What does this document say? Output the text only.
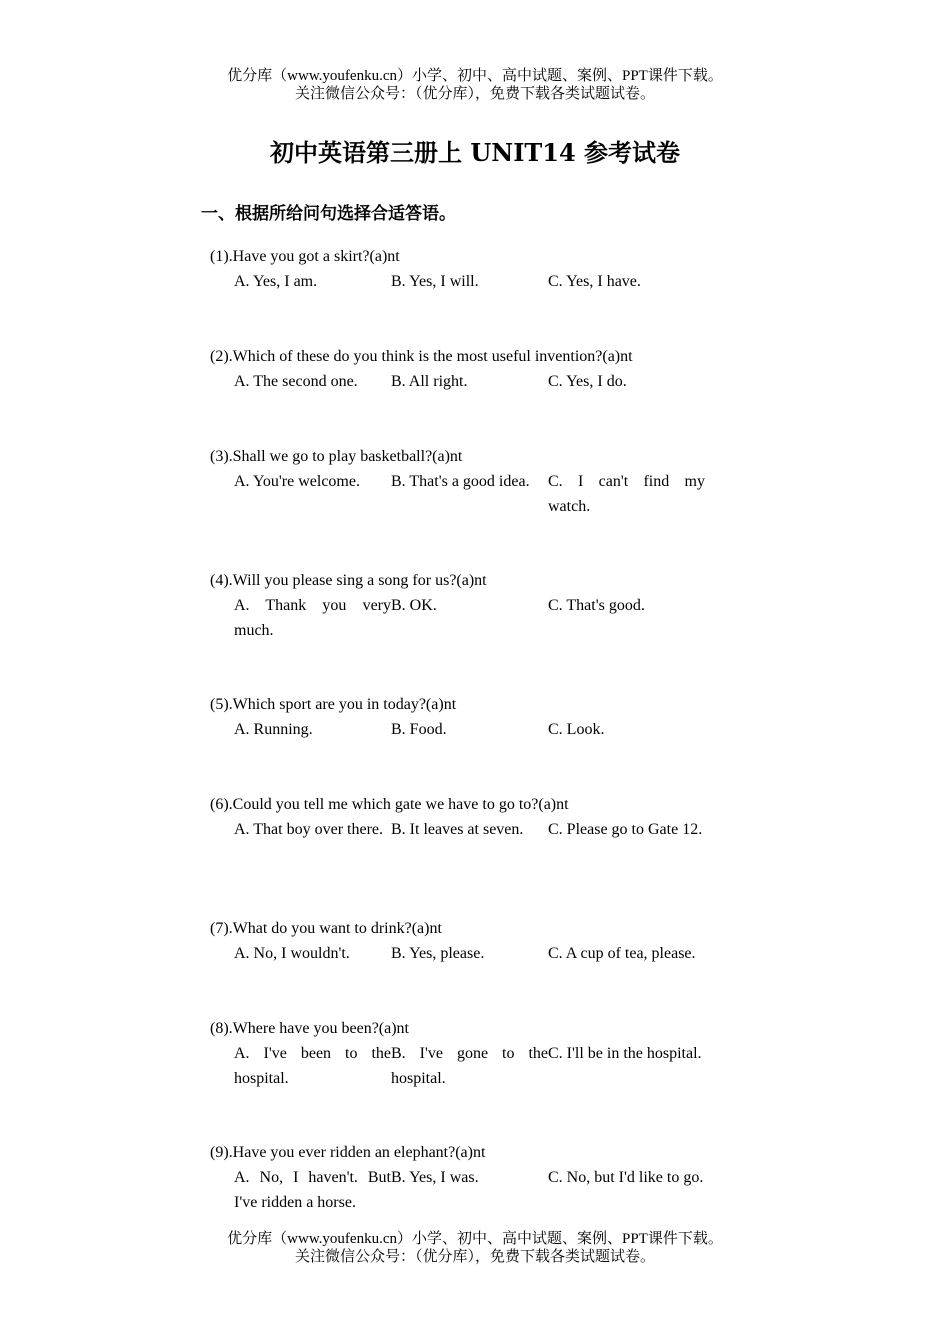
优分库（www.youfenku.cn）小学、初中、高中试题、案例、PPT课件下载。
关注微信公众号：（优分库），免费下载各类试题试卷。
初中英语第三册上 UNIT14 参考试卷
一、根据所给问句选择合适答语。
(1).Have you got a skirt?(a)nt
A. Yes, I am.	B. Yes, I will.	C. Yes, I have.
(2).Which of these do you think is the most useful invention?(a)nt
A. The second one.	B. All right.	C. Yes, I do.
(3).Shall we go to play basketball?(a)nt
A. You're welcome.	B. That's a good idea.	C. I can't find my watch.
(4).Will you please sing a song for us?(a)nt
A. Thank you very much.
B. OK.	C. That's good.
(5).Which sport are you in today?(a)nt
A. Running.	B. Food.	C. Look.
(6).Could you tell me which gate we have to go to?(a)nt
A. That boy over there. B. It leaves at seven.	C. Please go to Gate 12.
(7).What do you want to drink?(a)nt
A. No, I wouldn't.	B. Yes, please.	C. A cup of tea, please.
(8).Where have you been?(a)nt
A. I've been to the hospital.
B. I've gone to the hospital.
C. I'll be in the hospital.
(9).Have you ever ridden an elephant?(a)nt
A. No, I haven't. But I've ridden a horse.
B. Yes, I was.	C. No, but I'd like to go.
优分库（www.youfenku.cn）小学、初中、高中试题、案例、PPT课件下载。
关注微信公众号：（优分库），免费下载各类试题试卷。
